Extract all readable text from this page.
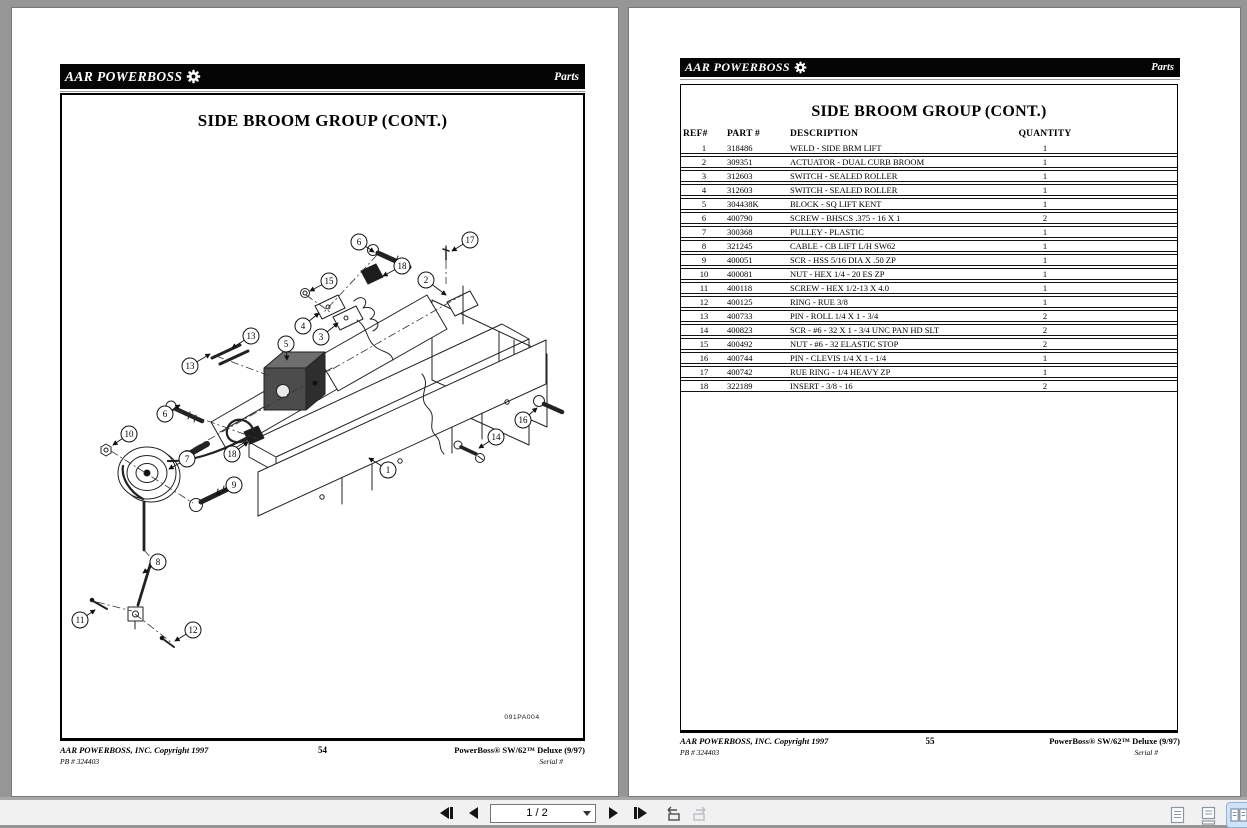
AAR POWERBOSS	Parts
SIDE BROOM GROUP (CONT.)
6	17
18
2
15
4
3
13
13
5
6
10
7	18
9
16
14
1
8
11
12
091PA004
AAR POWERBOSS, INC. Copyright 1997
PB # 324403
54	PowerBoss® SW/62™ Deluxe (9/97)
Serial #
AAR POWERBOSS	Parts
SIDE BROOM GROUP (CONT.)
REF#	PART #	DESCRIPTION	QUANTITY
1	318486	WELD - SIDE BRM LIFT	1
2	309351	ACTUATOR - DUAL CURB BROOM	1
3	312603	SWITCH - SEALED ROLLER	1
4	312603	SWITCH - SEALED ROLLER	1
5	304438K	BLOCK - SQ LIFT KENT	1
6	400790	SCREW - BHSCS .375 - 16 X 1	2
7	300368	PULLEY - PLASTIC	1
8	321245	CABLE - CB LIFT L/H SW62	1
9	400051	SCR - HSS 5/16 DIA X .50 ZP	1
10	400081	NUT - HEX 1/4 - 20 ES ZP	1
11	400118	SCREW - HEX 1/2-13 X 4.0	1
12	400125	RING - RUE 3/8	1
13	400733	PIN - ROLL 1/4 X 1 - 3/4	2
14	400823	SCR - #6 - 32 X 1 - 3/4 UNC PAN HD SLT	2
15	400492	NUT - #6 - 32 ELASTIC STOP	2
16	400744	PIN - CLEVIS 1/4 X 1 - 1/4	1
17	400742	RUE RING - 1/4 HEAVY ZP	1
18	322189	INSERT - 3/8 - 16	2
AAR POWERBOSS, INC. Copyright 1997
PB # 324403
55	PowerBoss® SW/62™ Deluxe (9/97)
Serial #
1 / 2
